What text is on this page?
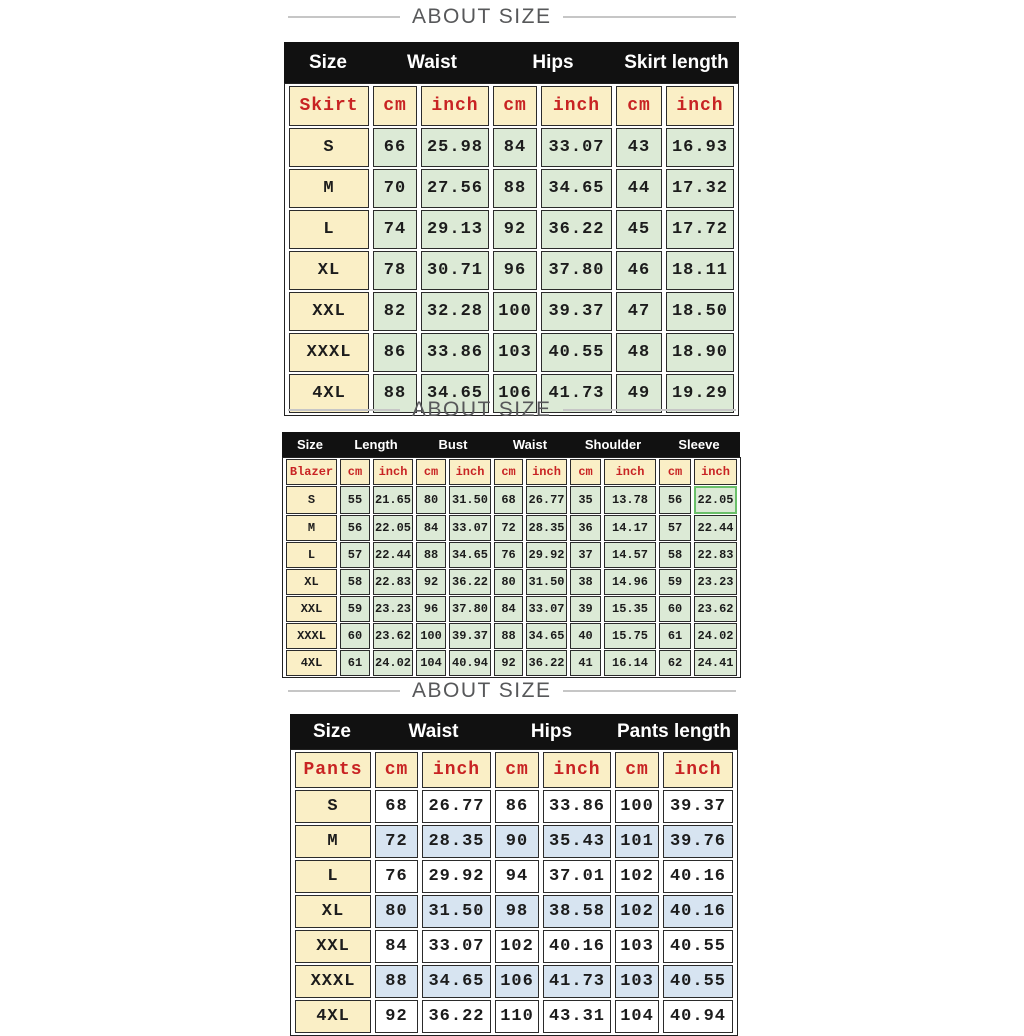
ABOUT SIZE
Size	Waist	Hips	Skirt length
Skirt	cm	inch	cm	inch	cm	inch
S	66	25.98	84	33.07	43	16.93
M	70	27.56	88	34.65	44	17.32
L	74	29.13	92	36.22	45	17.72
XL	78	30.71	96	37.80	46	18.11
XXL	82	32.28	100	39.37	47	18.50
XXXL	86	33.86	103	40.55	48	18.90
4XL	88	34.65	106	41.73	49	19.29
ABOUT SIZE
Size	Length	Bust	Waist	Shoulder	Sleeve
Blazer	cm	inch	cm	inch	cm	inch	cm	inch	cm	inch
S	55	21.65	80	31.50	68	26.77	35	13.78	56	22.05
M	56	22.05	84	33.07	72	28.35	36	14.17	57	22.44
L	57	22.44	88	34.65	76	29.92	37	14.57	58	22.83
XL	58	22.83	92	36.22	80	31.50	38	14.96	59	23.23
XXL	59	23.23	96	37.80	84	33.07	39	15.35	60	23.62
XXXL	60	23.62	100	39.37	88	34.65	40	15.75	61	24.02
4XL	61	24.02	104	40.94	92	36.22	41	16.14	62	24.41
ABOUT SIZE
Size	Waist	Hips	Pants length
Pants	cm	inch	cm	inch	cm	inch
S	68	26.77	86	33.86	100	39.37
M	72	28.35	90	35.43	101	39.76
L	76	29.92	94	37.01	102	40.16
XL	80	31.50	98	38.58	102	40.16
XXL	84	33.07	102	40.16	103	40.55
XXXL	88	34.65	106	41.73	103	40.55
4XL	92	36.22	110	43.31	104	40.94
